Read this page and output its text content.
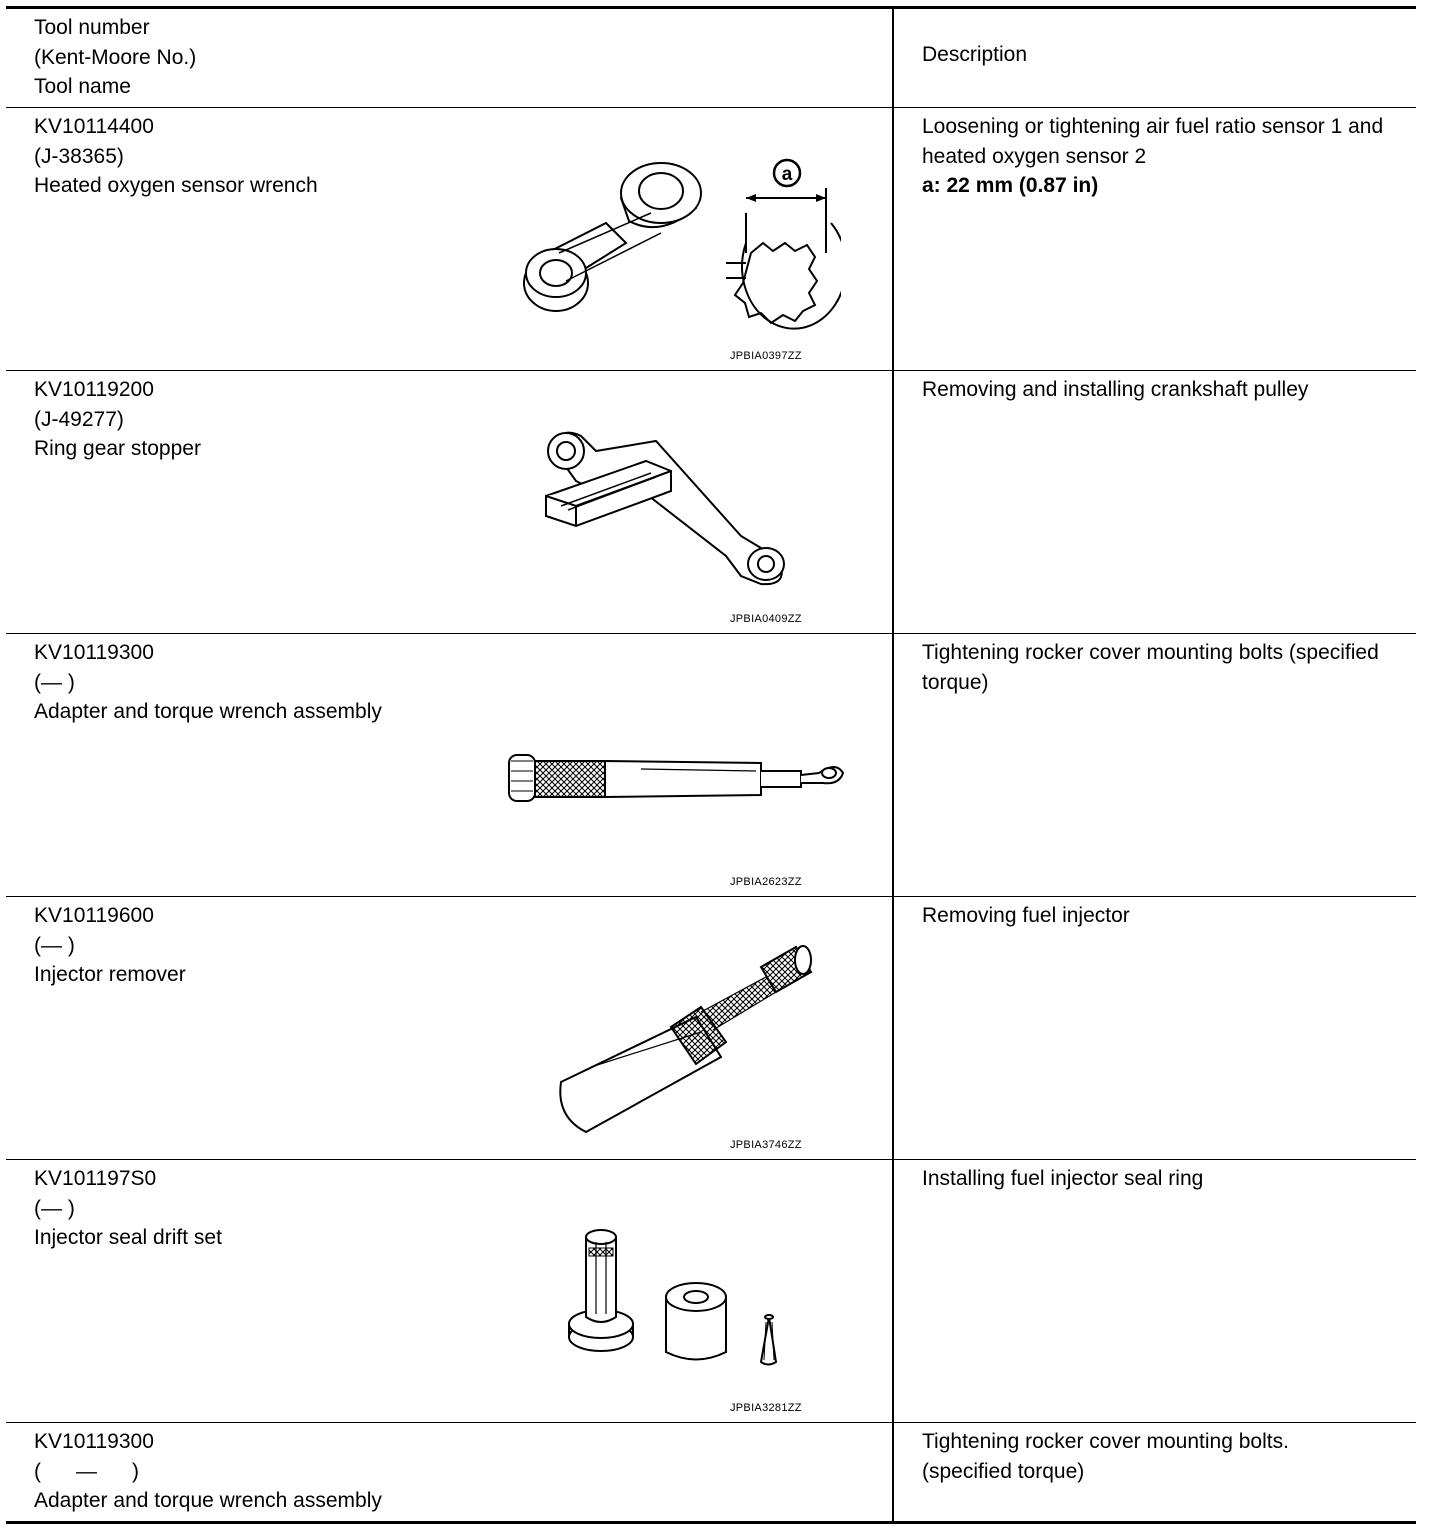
Tool number
(Kent-Moore No.)
Tool name
Description
KV10114400
(J-38365)
Heated oxygen sensor wrench	a
JPBIA0397ZZ
Loosening or tightening air fuel ratio sensor 1 and heated oxygen sensor 2
a: 22 mm (0.87 in)
KV10119200
(J-49277)
Ring gear stopper
JPBIA0409ZZ
Removing and installing crankshaft pulley
KV10119300
(— )
Adapter and torque wrench assembly
JPBIA2623ZZ
Tightening rocker cover mounting bolts (specified torque)
KV10119600
(— )
Injector remover
JPBIA3746ZZ
Removing fuel injector
KV101197S0
(— )
Injector seal drift set
JPBIA3281ZZ
Installing fuel injector seal ring
KV10119300
(      —      )
Adapter and torque wrench assembly
Tightening rocker cover mounting bolts. (specified torque)
